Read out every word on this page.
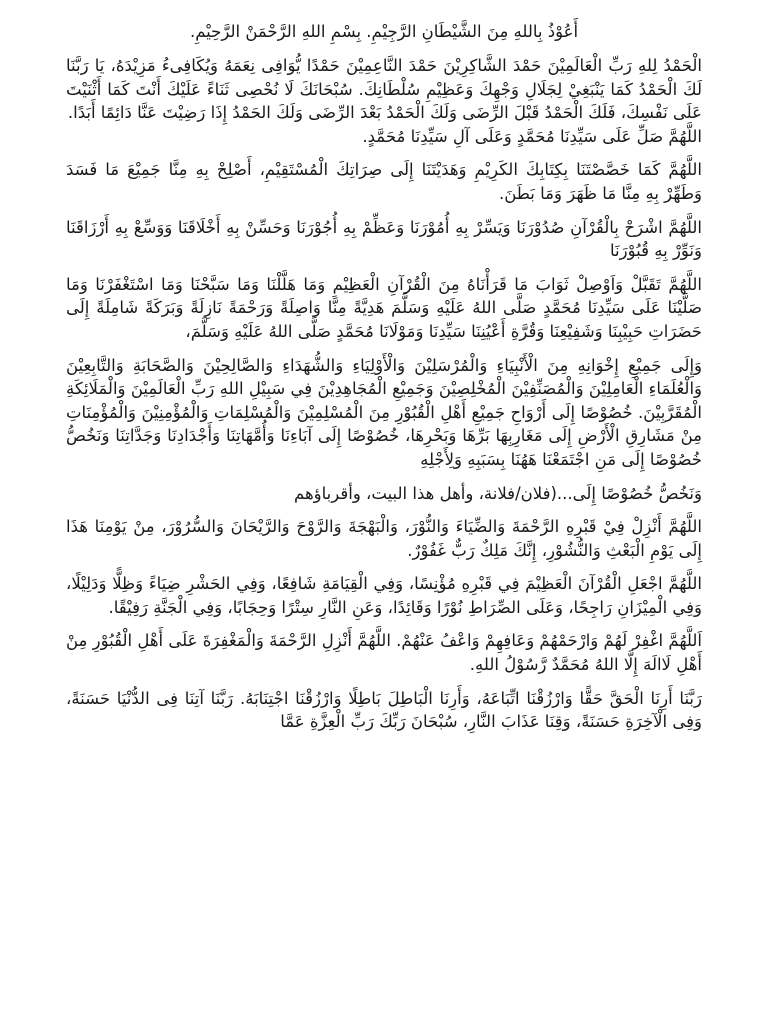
أَعُوْذُ بِاللهِ مِنَ الشَّيْطَانِ الرَّجِيْمِ. بِسْمِ اللهِ الرَّحْمَنْ الرَّحِيْمِ.

الْحَمْدُ لِلهِ رَبِّ الْعَالَمِيْنَ حَمْدَ الشَّاكِرِيْنَ حَمْدَ النَّاعِمِيْنَ حَمْدًا يُّوَافِى نِعَمَهُ وَيُكَافِىءُ مَزِيْدَهُ، يَا رَبَّنَا لَكَ الْحَمْدُ كَمَا يَنْبَغِيْ لِجَلَالِ وَجْهِكَ وَعَظِيْمِ سُلْطَانِكَ. سُبْحَانَكَ لَا نُحْصِى ثَنَاءً عَلَيْكَ أَنْتَ كَمَا أَثْنَيْتَ عَلَى نَفْسِكَ، فَلَكَ الْحَمْدُ قَبْلَ الرِّضَى وَلَكَ الْحَمْدُ بَعْدَ الرِّضَى وَلَكَ الحَمْدُ إِذَا رَضِيْتَ عَنَّا دَائِمًا أَبَدًا.
اللَّهُمَّ صَلِّ عَلَى سَيِّدِنَا مُحَمَّدٍ وَعَلَى آلِ سَيِّدِنَا مُحَمَّدٍ.

اللَّهُمَّ كَمَا خَصَّصْتَنَا بِكِتَابِكَ الكَرِيْمِ وَهَدَيْتَنَا إِلَى صِرَاتِكَ الْمُسْتَقِيْمِ، أَصْلِحْ بِهِ مِنَّا جَمِيْعَ مَا فَسَدَ وَطَهِّرْ بِهِ مِنَّا مَا ظَهَرَ وَمَا بَطَنَ.

اللَّهُمَّ اشْرَحْ بِالْقُرْآنِ صُدُوْرَنَا وَيَسِّرْ بِهِ أُمُوْرَنَا وَعَظِّمْ بِهِ أُجُوْرَنَا وَحَسِّنْ بِهِ أَخْلَاقَنَا وَوَسِّعْ بِهِ أَرْزَاقَنَا وَنَوِّرْ بِهِ قُبُوْرَنَا

اللَّهُمَّ تَقَبَّلْ وَاَوْصِلْ ثَوَابَ مَا قَرَأْنَاهُ مِنَ الْقُرْآنِ الْعَظِيْمِ وَمَا هَلَّلْنَا وَمَا سَبَّحْنَا وَمَا اسْتَغْفَرْنَا وَمَا صَلَّيْنَا عَلَى سَيِّدِنَا مُحَمَّدٍ صَلَّى اللهُ عَلَيْهِ وَسَلَّمَ هَدِيَّةً مِنَّا وَاصِلَةً وَرَحْمَةً نَازِلَةً وَبَرَكَةً شَامِلَةً إِلَى حَضَرَاتِ حَبِيْبِنَا وَشَفِيْعِنَا وَقُرَّةِ أَعْيُنِنَا سَيِّدِنَا وَمَوْلَانَا مُحَمَّدٍ صَلَّى اللهُ عَلَيْهِ وَسَلَّمَ،

وَإِلَى جَمِيْعِ إِخْوَانِهِ مِنَ الْأَنْبِيَاءِ وَالْمُرْسَلِيْنَ وَالْأَوْلِيَاءِ وَالشُّهَدَاءِ وَالصَّالِحِيْنَ وَالصَّحَابَةِ وَالتَّابِعِيْنَ وَالْعُلَمَاءِ الْعَامِلِيْنَ وَالْمُصَنِّفِيْنَ الْمُخْلِصِيْنَ وَجَمِيْعِ الْمُجَاهِدِيْنَ فِي سَبِيْلِ اللهِ رَبِّ الْعَالَمِيْنَ وَالْمَلَائِكَةِ الْمُقَرَّبِيْنَ. خُصُوْصًا إِلَى أَرْوَاحِ جَمِيْعِ أَهْلِ الْقُبُوْرِ مِنَ الْمُسْلِمِيْنَ وَالْمُسْلِمَاتِ وَالْمُؤْمِنِيْنَ وَالْمُؤْمِنَاتِ مِنْ مَشَارِقِ الْأَرْضِ إِلَى مَغَارِبِهَا بَرِّهَا وَبَحْرِهَا، خُصُوْصًا إِلَى آبَاءِنَا وَأُمَّهَاتِنَا وَأَجْدَادِنَا وَجَدَّاتِنَا وَنَخُصُّ خُصُوْصًا إِلَى مَنِ اجْتَمَعْنَا هَهُنَا بِسَبَبِهِ وَلِأَجْلِهِ

وَنَخُصُّ خُصُوْصًا إِلَى...(فلان/فلانة، وأهل هذا البيت، وأقرباؤهم

اللَّهُمَّ أَنْزِلْ فِيْ قَبْرِهِ الرَّحْمَةَ وَالضِّيَاءَ وَالنُّوْرَ، وَالْبَهْجَةَ وَالرَّوْحَ وَالرَّيْحَانَ وَالسُّرُوْرَ، مِنْ يَوْمِنَا هَذَا إِلَى يَوْمِ الْبَعْثِ وَالنُّشُوْرِ، إِنَّكَ مَلِكٌ رَبٌّ غَفُوْرٌ.

اللَّهُمَّ اجْعَلِ الْقُرْآنَ الْعَظِيْمَ فِي قَبْرِهِ مُؤْنِسًا، وَفِي الْقِيَامَةِ شَافِعًا، وَفِي الحَشْرِ ضِيَاءً وَظِلًّا وَدَلِيْلًا، وَفِي الْمِيْزَانِ رَاجِحًا، وَعَلَى الصِّرَاطِ نُوْرًا وَقَائِدًا، وَعَنِ النَّارِ سِتْرًا وَحِجَابًا، وَفِي الْجَنَّةِ رَفِيْقًا.

اَللَّهُمَّ اغْفِرْ لَهُمْ وَارْحَمْهُمْ وَعَافِهِمْ وَاعْفُ عَنْهُمْ. اللَّهُمَّ أَنْزِلِ الرَّحْمَةَ وَالْمَغْفِرَةَ عَلَى أَهْلِ الْقُبُوْرِ مِنْ أَهْلِ لَاالَهَ إِلَّا اللهُ مُحَمَّدٌ رَّسُوْلُ اللهِ.

رَبَّنَا أَرِنَا الْحَقَّ حَقًّا وَارْزُقْنَا اتِّبَاعَهُ، وَأَرِنَا الْبَاطِلَ بَاطِلًا وَارْزُقْنَا اجْتِنَابَهُ. رَبَّنَا آتِنَا فِى الدُّنْيَا حَسَنَةً، وَفِى الْآخِرَةِ حَسَنَةً، وَقِنَا عَذَابَ النَّارِ، سُبْحَانَ رَبِّكَ رَبِّ الْعِزَّةِ عَمَّا
